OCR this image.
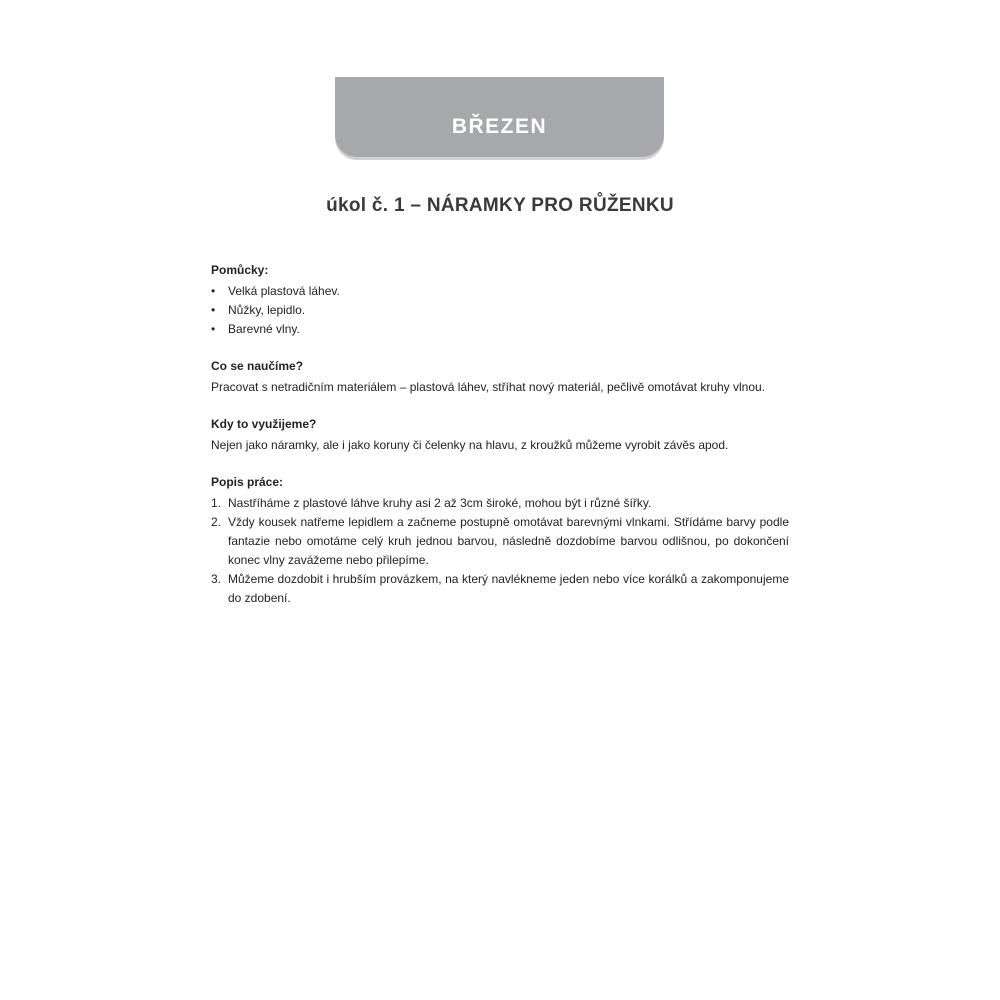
BŘEZEN
úkol č. 1 – NÁRAMKY PRO RŮŽENKU
Pomůcky:
• Velká plastová láhev.
• Nůžky, lepidlo.
• Barevné vlny.
Co se naučíme?

Pracovat s netradičním materiálem – plastová láhev, stříhat nový materiál, pečlivě omotávat kruhy vlnou.

Kdy to využijeme?

Nejen jako náramky, ale i jako koruny či čelenky na hlavu, z kroužků můžeme vyrobit závěs apod.

Popis práce:
1. Nastříháme z plastové láhve kruhy asi 2 až 3cm široké, mohou být i různé šířky.
2. Vždy kousek natřeme lepidlem a začneme postupně omotávat barevnými vlnkami. Střídáme barvy podle fantazie nebo omotáme celý kruh jednou barvou, následně dozdobíme barvou odlišnou, po dokončení konec vlny zavážeme nebo přilepíme.
3. Můžeme dozdobit i hrubším provázkem, na který navlékneme jeden nebo více korálků a zakomponujeme do zdobení.
